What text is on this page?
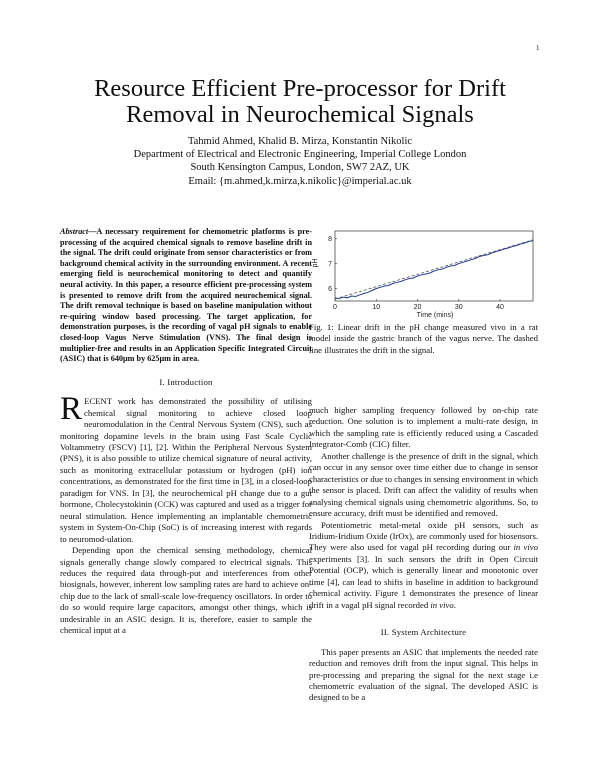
1
Resource Efficient Pre-processor for Drift
Removal in Neurochemical Signals
Tahmid Ahmed, Khalid B. Mirza, Konstantin Nikolic
Department of Electrical and Electronic Engineering, Imperial College London
South Kensington Campus, London, SW7 2AZ, UK
Email: {m.ahmed,k.mirza,k.nikolic}@imperial.ac.uk

Abstract—A necessary requirement for chemometric platforms is pre-processing of the acquired chemical signals to remove baseline drift in the signal. The drift could originate from sensor characteristics or from background chemical activity in the surrounding environment. A recent emerging field is neurochemical monitoring to detect and quantify neural activity. In this paper, a resource efficient pre-processing system is presented to remove drift from the acquired neurochemical signal. The drift removal technique is based on baseline manipulation without re-quiring window based processing. The target application, for demonstration purposes, is the recording of vagal pH signals to enable closed-loop Vagus Nerve Stimulation (VNS). The final design is multiplier-free and results in an Application Specific Integrated Circuit (ASIC) that is 640μm by 625μm in area.

I. Introduction

RECENT work has demonstrated the possibility of utilising chemical signal monitoring to achieve closed loop neuromodulation in the Central Nervous System (CNS), such as monitoring dopamine levels in the brain using Fast Scale Cyclic Voltammetry (FSCV) [1], [2]. Within the Peripheral Nervous System (PNS), it is also possible to utilize chemical signature of neural activity, such as monitoring extracellular potassium or hydrogen (pH) ion concentrations, as demonstrated for the first time in [3], in a closed-loop paradigm for VNS. In [3], the neurochemical pH change due to a gut hormone, Cholecystokinin (CCK) was captured and used as a trigger for neural stimulation. Hence implementing an implantable chemometric system in System-On-Chip (SoC) is of increasing interest with regards to neuromod-ulation.

Depending upon the chemical sensing methodology, chemical signals generally change slowly compared to electrical signals. This reduces the required data through-put and interferences from other biosignals, however, inherent low sampling rates are hard to achieve on-chip due to the lack of small-scale low-frequency oscillators. In order to do so would require large capacitors, amongst other things, which is undesirable in an ASIC design. It is, therefore, easier to sample the chemical input at a

Time (mins)
pH
0	10	20	30	40
6
7
8
Fig. 1: Linear drift in the pH change measured vivo in a rat model inside the gastric branch of the vagus nerve. The dashed line illustrates the drift in the signal.

much higher sampling frequency followed by on-chip rate reduction. One solution is to implement a multi-rate design, in which the sampling rate is efficiently reduced using a Cascaded Integrator-Comb (CIC) filter.

Another challenge is the presence of drift in the signal, which can occur in any sensor over time either due to change in sensor characteristics or due to changes in sensing environment in which the sensor is placed. Drift can affect the validity of results when analysing chemical signals using chemometric algorithms. So, to ensure accuracy, drift must be identified and removed.

Potentiometric metal-metal oxide pH sensors, such as Iridium-Iridium Oxide (IrOx), are commonly used for biosensors. They were also used for vagal pH recording during our in vivo experiments [3]. In such sensors the drift in Open Circuit Potential (OCP), which is generally linear and monotonic over time [4], can lead to shifts in baseline in addition to background chemical activity. Figure 1 demonstrates the presence of linear drift in a vagal pH signal recorded in vivo.

II. System Architecture

This paper presents an ASIC that implements the needed rate reduction and removes drift from the input signal. This helps in pre-processing and preparing the signal for the next stage i.e chemometric evaluation of the signal. The developed ASIC is designed to be a
